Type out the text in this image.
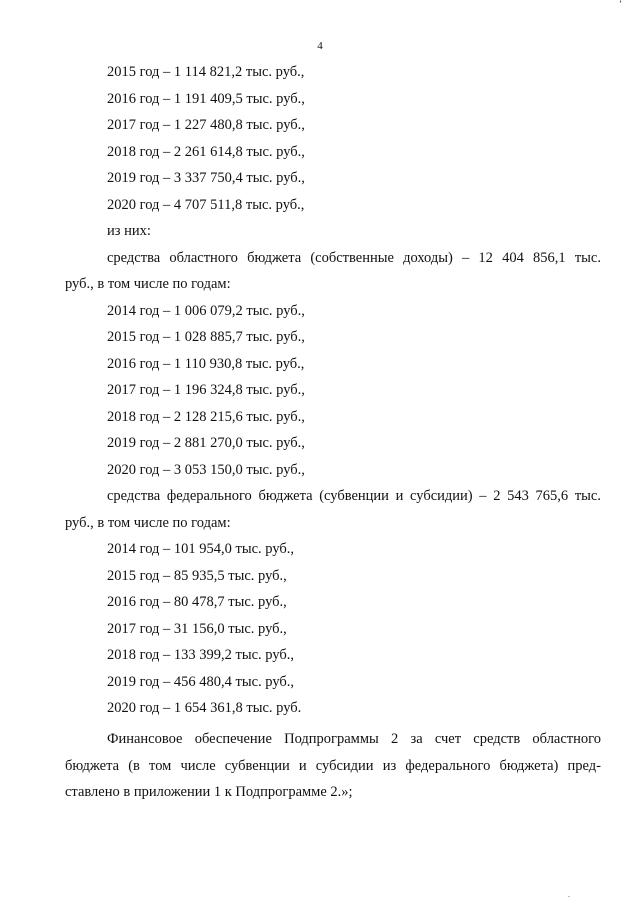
’
4
2015 год – 1 114 821,2 тыс. руб.,
2016 год – 1 191 409,5 тыс. руб.,
2017 год – 1 227 480,8 тыс. руб.,
2018 год – 2 261 614,8 тыс. руб.,
2019 год – 3 337 750,4 тыс. руб.,
2020 год – 4 707 511,8 тыс. руб.,
из них:
средства областного бюджета (собственные доходы) – 12 404 856,1 тыс.
руб., в том числе по годам:
2014 год – 1 006 079,2 тыс. руб.,
2015 год – 1 028 885,7 тыс. руб.,
2016 год – 1 110 930,8 тыс. руб.,
2017 год – 1 196 324,8 тыс. руб.,
2018 год – 2 128 215,6 тыс. руб.,
2019 год – 2 881 270,0 тыс. руб.,
2020 год – 3 053 150,0 тыс. руб.,
средства федерального бюджета (субвенции и субсидии) – 2 543 765,6 тыс.
руб., в том числе по годам:
2014 год – 101 954,0 тыс. руб.,
2015 год – 85 935,5 тыс. руб.,
2016 год – 80 478,7 тыс. руб.,
2017 год – 31 156,0 тыс. руб.,
2018 год – 133 399,2 тыс. руб.,
2019 год – 456 480,4 тыс. руб.,
2020 год – 1 654 361,8 тыс. руб.
Финансовое обеспечение Подпрограммы 2 за счет средств областного
бюджета (в том числе субвенции и субсидии из федерального бюджета) пред-
ставлено в приложении 1 к Подпрограмме 2.»;
.
